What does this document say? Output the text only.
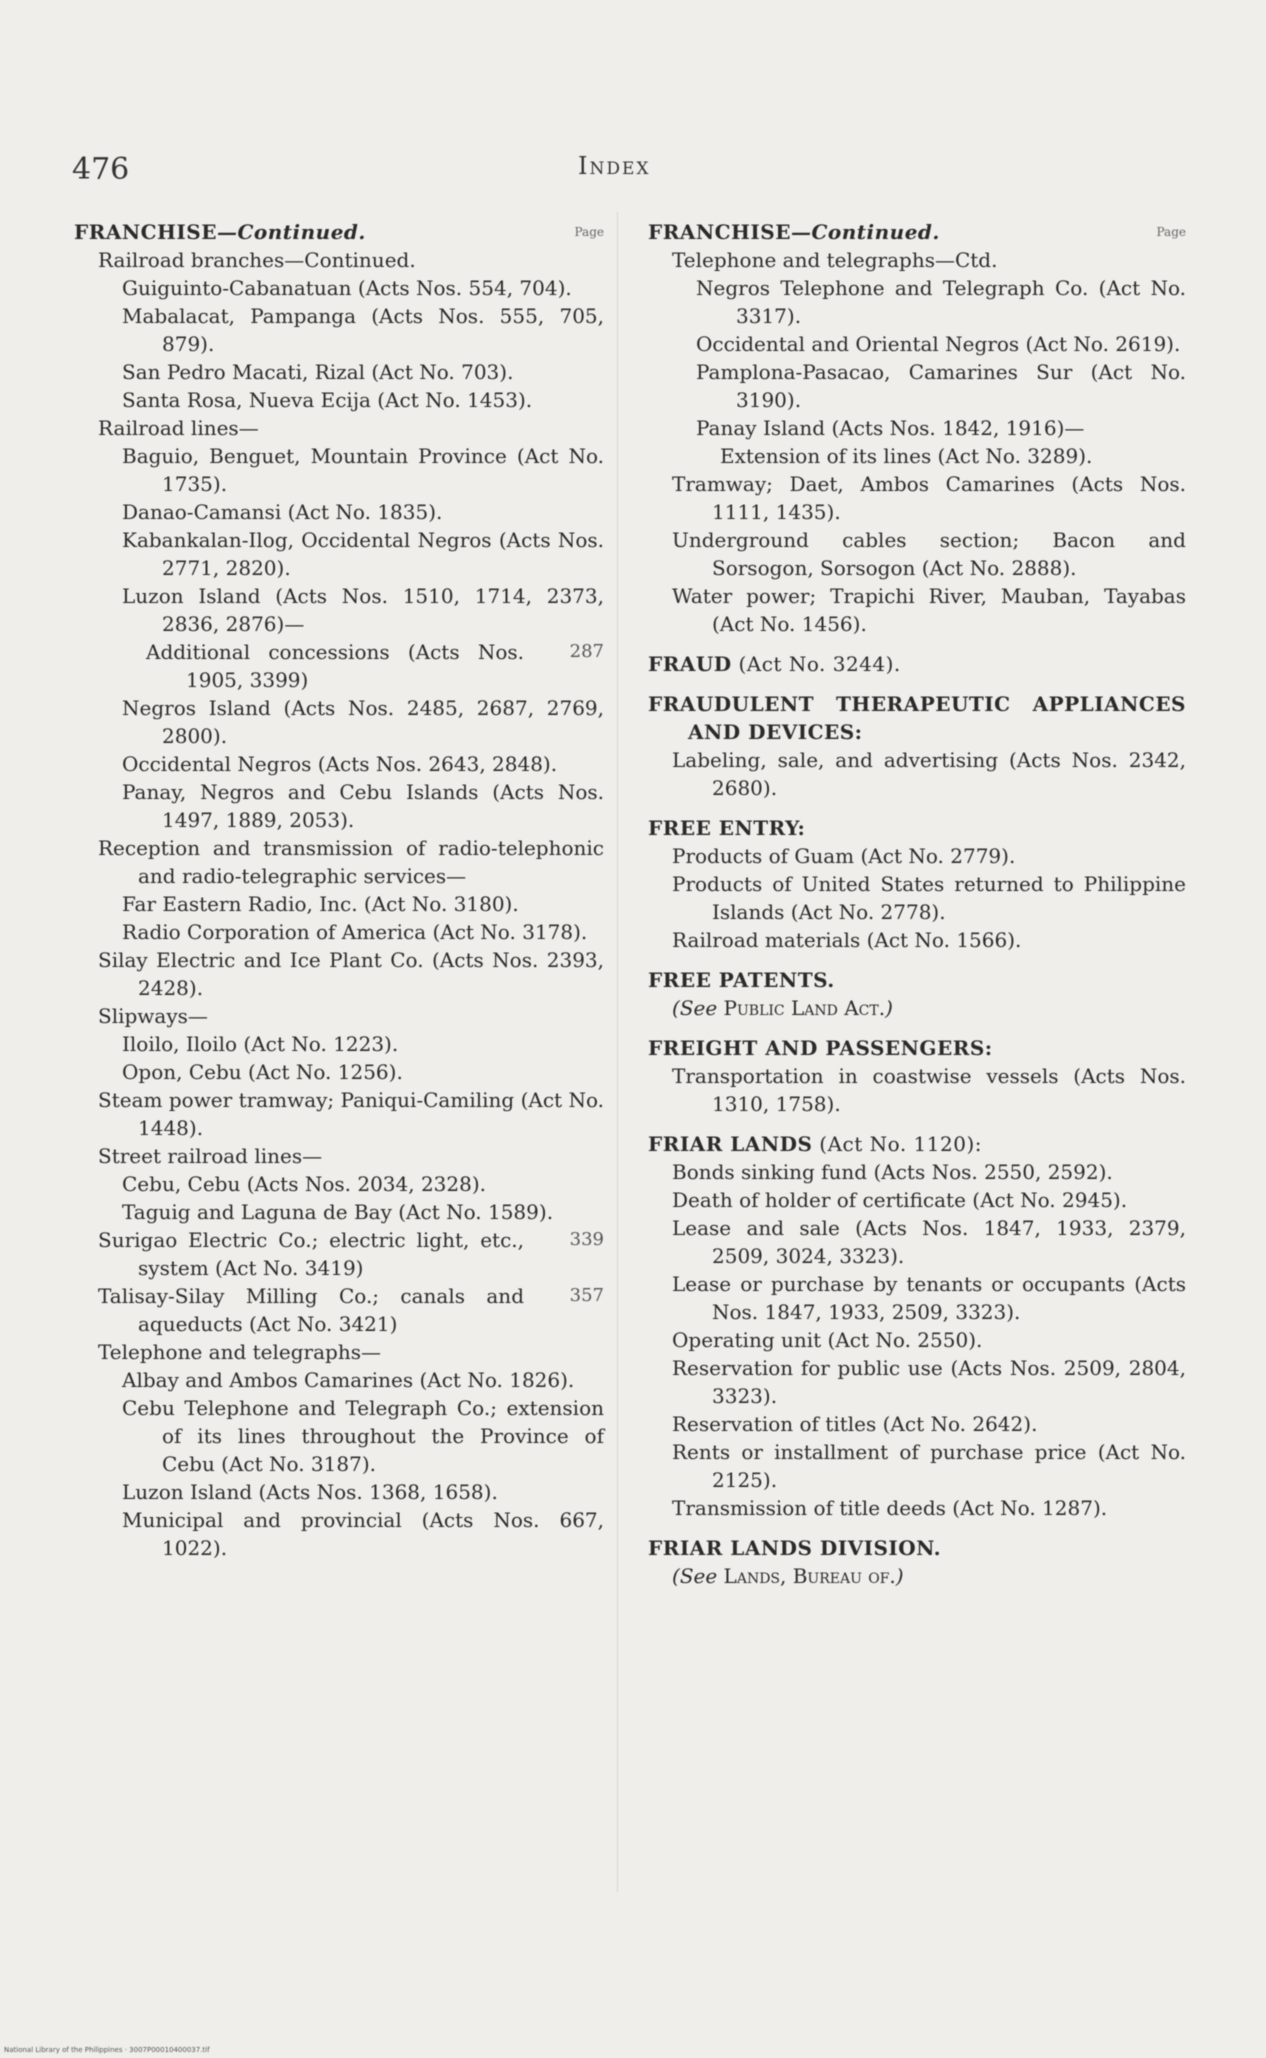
476	Index
Page
FRANCHISE—Continued.
Railroad branches—Continued.
Guiguinto-Cabanatuan (Acts Nos. 554, 704).
Mabalacat, Pampanga (Acts Nos. 555, 705, 879).
San Pedro Macati, Rizal (Act No. 703).
Santa Rosa, Nueva Ecija (Act No. 1453).
Railroad lines—
Baguio, Benguet, Mountain Province (Act No. 1735).
Danao-Camansi (Act No. 1835).
Kabankalan-Ilog, Occidental Negros (Acts Nos. 2771, 2820).
Luzon Island (Acts Nos. 1510, 1714, 2373, 2836, 2876)—
Additional concessions (Acts Nos. 1905, 3399)
287
Negros Island (Acts Nos. 2485, 2687, 2769, 2800).
Occidental Negros (Acts Nos. 2643, 2848).
Panay, Negros and Cebu Islands (Acts Nos. 1497, 1889, 2053).
Reception and transmission of radio-telephonic and radio-telegraphic services—
Far Eastern Radio, Inc. (Act No. 3180).
Radio Corporation of America (Act No. 3178).
Silay Electric and Ice Plant Co. (Acts Nos. 2393, 2428).
Slipways—
Iloilo, Iloilo (Act No. 1223).
Opon, Cebu (Act No. 1256).
Steam power tramway; Paniqui-Camiling (Act No. 1448).
Street railroad lines—
Cebu, Cebu (Acts Nos. 2034, 2328).
Taguig and Laguna de Bay (Act No. 1589).
Surigao Electric Co.; electric light, etc., system (Act No. 3419)
339
Talisay-Silay Milling Co.; canals and aqueducts (Act No. 3421)
357
Telephone and telegraphs—
Albay and Ambos Camarines (Act No. 1826).
Cebu Telephone and Telegraph Co.; extension of its lines throughout the Province of Cebu (Act No. 3187).
Luzon Island (Acts Nos. 1368, 1658).
Municipal and provincial (Acts Nos. 667, 1022).
Page
FRANCHISE—Continued.
Telephone and telegraphs—Ctd.
Negros Telephone and Telegraph Co. (Act No. 3317).
Occidental and Oriental Negros (Act No. 2619).
Pamplona-Pasacao, Camarines Sur (Act No. 3190).
Panay Island (Acts Nos. 1842, 1916)—
Extension of its lines (Act No. 3289).
Tramway; Daet, Ambos Camarines (Acts Nos. 1111, 1435).
Underground cables section; Bacon and Sorsogon, Sorsogon (Act No. 2888).
Water power; Trapichi River, Mauban, Tayabas (Act No. 1456).
FRAUD (Act No. 3244).
FRAUDULENT THERAPEUTIC APPLIANCES AND DEVICES:
Labeling, sale, and advertising (Acts Nos. 2342, 2680).
FREE ENTRY:
Products of Guam (Act No. 2779).
Products of United States returned to Philippine Islands (Act No. 2778).
Railroad materials (Act No. 1566).
FREE PATENTS.
(See Public Land Act.)
FREIGHT AND PASSENGERS:
Transportation in coastwise vessels (Acts Nos. 1310, 1758).
FRIAR LANDS (Act No. 1120):
Bonds sinking fund (Acts Nos. 2550, 2592).
Death of holder of certificate (Act No. 2945).
Lease and sale (Acts Nos. 1847, 1933, 2379, 2509, 3024, 3323).
Lease or purchase by tenants or occupants (Acts Nos. 1847, 1933, 2509, 3323).
Operating unit (Act No. 2550).
Reservation for public use (Acts Nos. 2509, 2804, 3323).
Reservation of titles (Act No. 2642).
Rents or installment of purchase price (Act No. 2125).
Transmission of title deeds (Act No. 1287).
FRIAR LANDS DIVISION.
(See Lands, Bureau of.)
National Library of the Philippines · 3007P00010400037.tif
